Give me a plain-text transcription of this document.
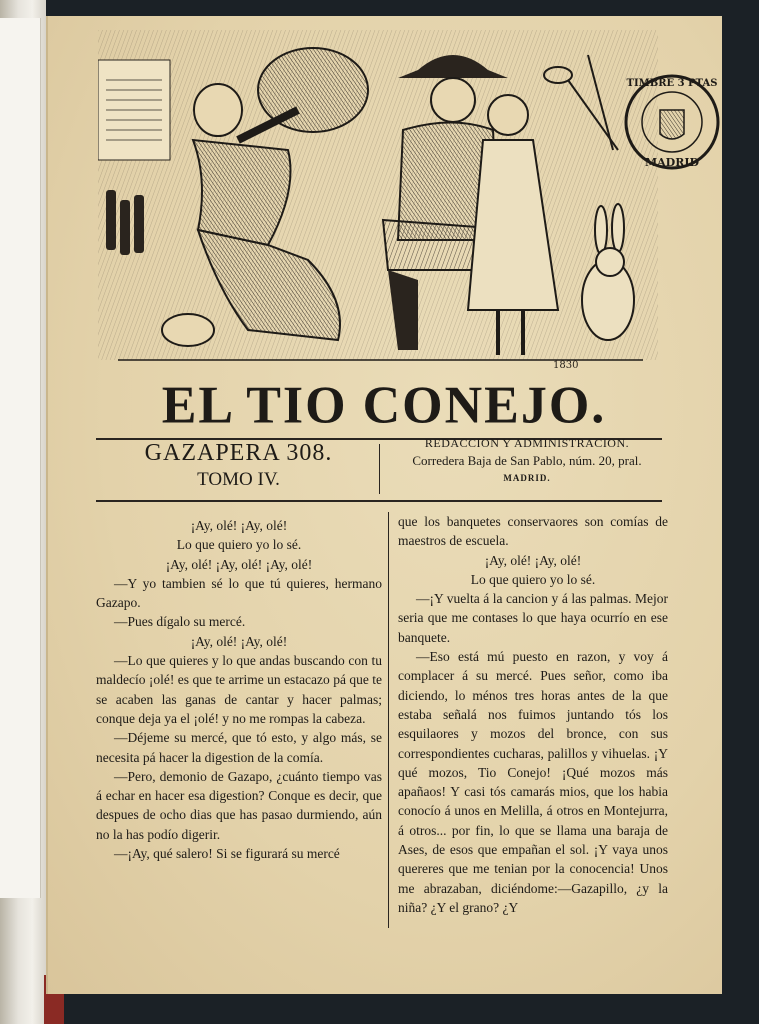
1830
TIMBRE 3 PTAS
MADRID
EL TIO CONEJO.
GAZAPERA 308.
TOMO IV.
REDACCION Y ADMINISTRACION.
Corredera Baja de San Pablo, núm. 20, pral.
MADRID.

¡Ay, olé! ¡Ay, olé!

Lo que quiero yo lo sé.

¡Ay, olé! ¡Ay, olé! ¡Ay, olé!

—Y yo tambien sé lo que tú quieres, hermano Gazapo.

—Pues dígalo su mercé.

¡Ay, olé! ¡Ay, olé!

—Lo que quieres y lo que andas buscando con tu maldecío ¡olé! es que te arrime un estacazo pá que te se acaben las ganas de cantar y hacer palmas; conque deja ya el ¡olé! y no me rompas la cabeza.

—Déjeme su mercé, que tó esto, y algo más, se necesita pá hacer la digestion de la comía.

—Pero, demonio de Gazapo, ¿cuánto tiempo vas á echar en hacer esa digestion? Conque es decir, que despues de ocho dias que has pasao durmiendo, aún no la has podío digerir.

—¡Ay, qué salero! Si se figurará su mercé

que los banquetes conservaores son comías de maestros de escuela.

¡Ay, olé! ¡Ay, olé!

Lo que quiero yo lo sé.

—¡Y vuelta á la cancion y á las palmas. Mejor seria que me contases lo que haya ocurrío en ese banquete.

—Eso está mú puesto en razon, y voy á complacer á su mercé. Pues señor, como iba diciendo, lo ménos tres horas antes de la que estaba señalá nos fuimos juntando tós los esquilaores y mozos del bronce, con sus correspondientes cucharas, palillos y vihuelas. ¡Y qué mozos, Tio Conejo! ¡Qué mozos más apañaos! Y casi tós camarás mios, que los habia conocío á unos en Melilla, á otros en Montejurra, á otros... por fin, lo que se llama una baraja de Ases, de esos que empañan el sol. ¡Y vaya unos quereres que me tenian por la conocencia! Unos me abrazaban, diciéndome:—Gazapillo, ¿y la niña? ¿Y el grano? ¿Y
